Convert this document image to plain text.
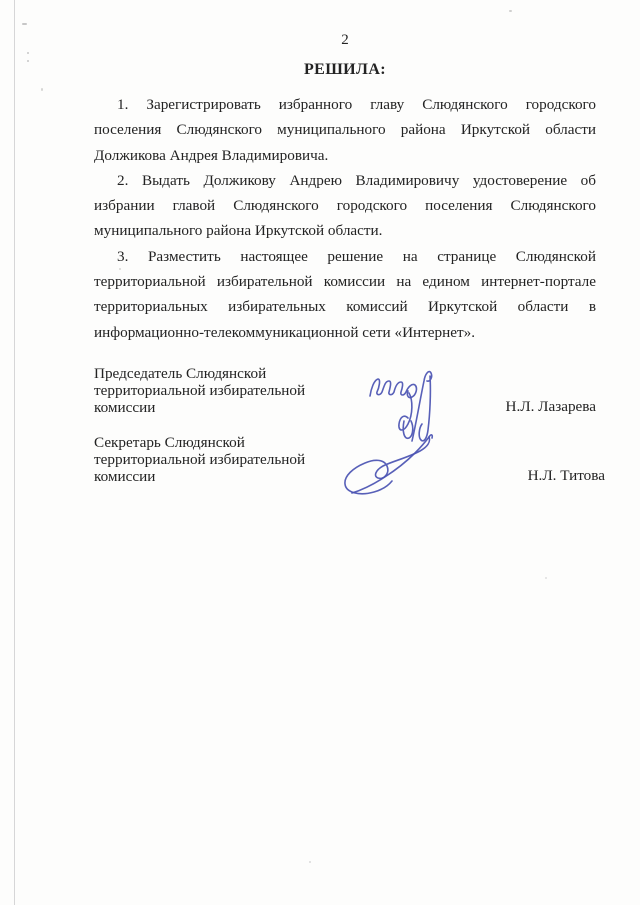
2
РЕШИЛА:
1. Зарегистрировать избранного главу Слюдянского городского
поселения Слюдянского муниципального района Иркутской области
Должикова Андрея Владимировича.
2. Выдать Должикову Андрею Владимировичу удостоверение об
избрании главой Слюдянского городского поселения Слюдянского
муниципального района Иркутской области.
3. Разместить настоящее решение на странице Слюдянской
территориальной избирательной комиссии на едином интернет-портале
территориальных избирательных комиссий Иркутской области в
информационно-телекоммуникационной сети «Интернет».
Председатель Слюдянской
территориальной избирательной
комиссии	Н.Л. Лазарева
Секретарь Слюдянской
территориальной избирательной
комиссии	Н.Л. Титова
